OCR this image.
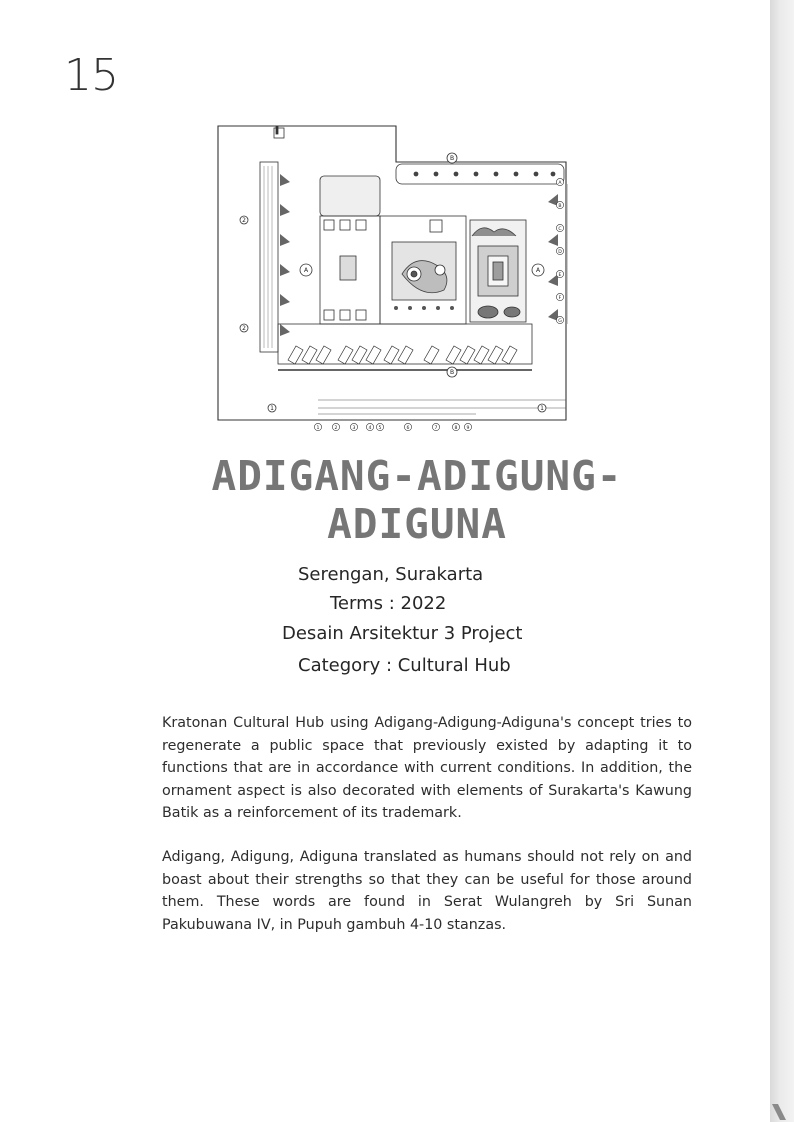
15
B
B
A	A
2
2
1	1
A
B
C
D
E
F
G
1	2	3	4 5	6	7	8 9
ADIGANG-ADIGUNG-
ADIGUNA
Serengan, Surakarta
Terms : 2022
Desain Arsitektur 3 Project
Category : Cultural Hub

Kratonan Cultural Hub using Adigang-Adigung-Adiguna's concept tries to regenerate a public space that previously existed by adapting it to functions that are in accordance with current conditions. In addition, the ornament aspect is also decorated with elements of Surakarta's Kawung Batik as a reinforcement of its trademark.

Adigang, Adigung, Adiguna translated as humans should not rely on and boast about their strengths so that they can be useful for those around them. These words are found in Serat Wulangreh by Sri Sunan Pakubuwana IV, in Pupuh gambuh 4-10 stanzas.
